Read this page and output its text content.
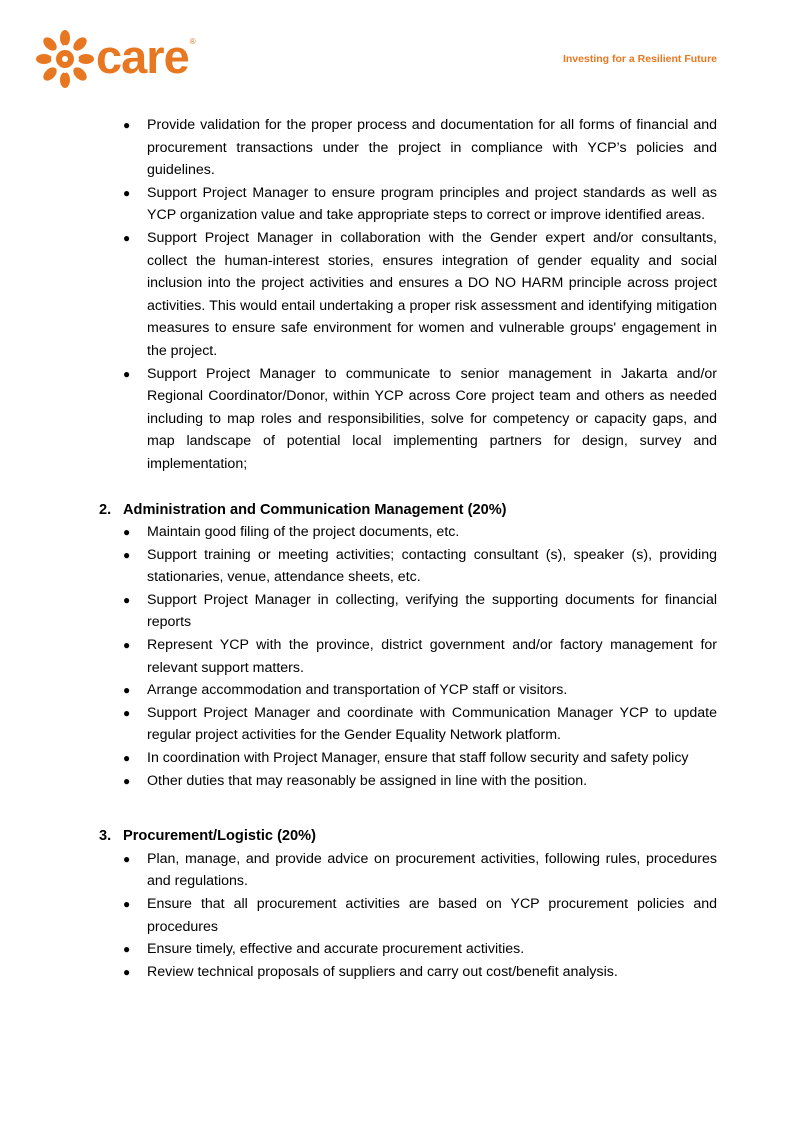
care ®
Investing for a Resilient Future
● Provide validation for the proper process and documentation for all forms of financial and procurement transactions under the project in compliance with YCP’s policies and guidelines.
● Support Project Manager to ensure program principles and project standards as well as YCP organization value and take appropriate steps to correct or improve identified areas.
● Support Project Manager in collaboration with the Gender expert and/or consultants, collect the human-interest stories, ensures integration of gender equality and social inclusion into the project activities and ensures a DO NO HARM principle across project activities. This would entail undertaking a proper risk assessment and identifying mitigation measures to ensure safe environment for women and vulnerable groups' engagement in the project.
● Support Project Manager to communicate to senior management in Jakarta and/or Regional Coordinator/Donor, within YCP across Core project team and others as needed including to map roles and responsibilities, solve for competency or capacity gaps, and map landscape of potential local implementing partners for design, survey and implementation;
2. Administration and Communication Management (20%)
● Maintain good filing of the project documents, etc.
● Support training or meeting activities; contacting consultant (s), speaker (s), providing stationaries, venue, attendance sheets, etc.
● Support Project Manager in collecting, verifying the supporting documents for financial reports
● Represent YCP with the province, district government and/or factory management for relevant support matters.
● Arrange accommodation and transportation of YCP staff or visitors.
● Support Project Manager and coordinate with Communication Manager YCP to update regular project activities for the Gender Equality Network platform.
● In coordination with Project Manager, ensure that staff follow security and safety policy
● Other duties that may reasonably be assigned in line with the position.
3. Procurement/Logistic (20%)
● Plan, manage, and provide advice on procurement activities, following rules, procedures and regulations.
● Ensure that all procurement activities are based on YCP procurement policies and procedures
● Ensure timely, effective and accurate procurement activities.
● Review technical proposals of suppliers and carry out cost/benefit analysis.
